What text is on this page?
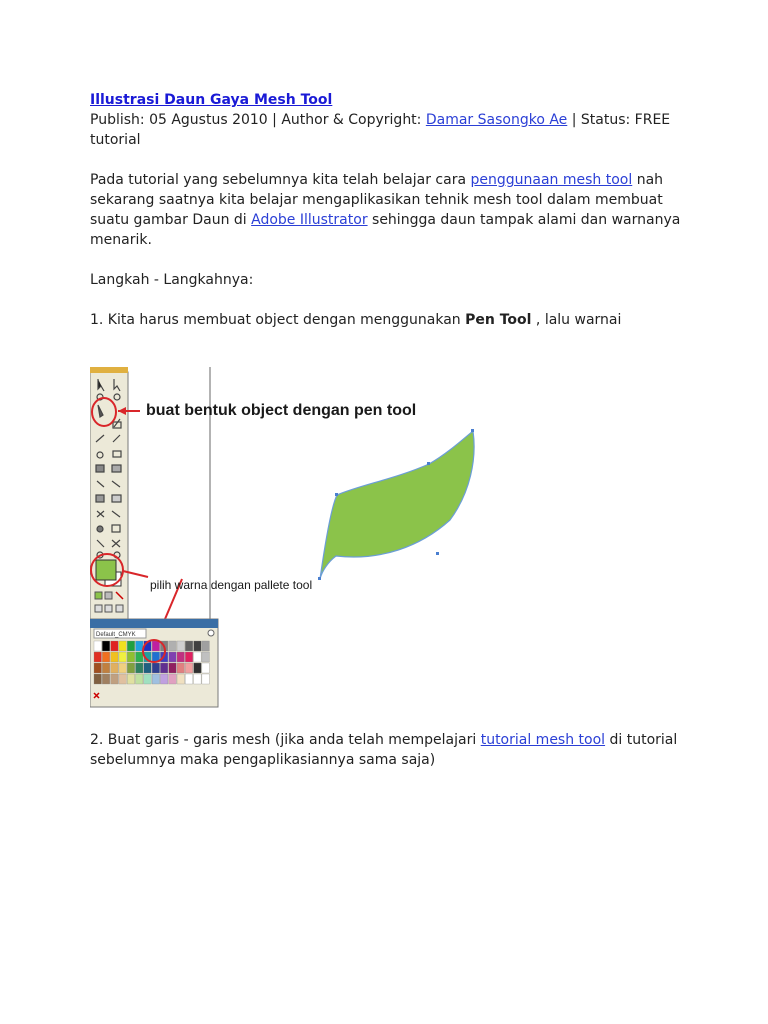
Illustrasi Daun Gaya Mesh Tool

Publish: 05 Agustus 2010 | Author & Copyright: Damar Sasongko Ae | Status: FREE tutorial

Pada tutorial yang sebelumnya kita telah belajar cara penggunaan mesh tool nah sekarang saatnya kita belajar mengaplikasikan tehnik mesh tool dalam membuat suatu gambar Daun di Adobe Illustrator sehingga daun tampak alami dan warnanya menarik.

Langkah - Langkahnya:

1. Kita harus membuat object dengan menggunakan Pen Tool , lalu warnai

buat bentuk object dengan pen tool
pilih warna dengan pallete tool
Default_CMYK

2. Buat garis - garis mesh (jika anda telah mempelajari tutorial mesh tool di tutorial sebelumnya maka pengaplikasiannya sama saja)
